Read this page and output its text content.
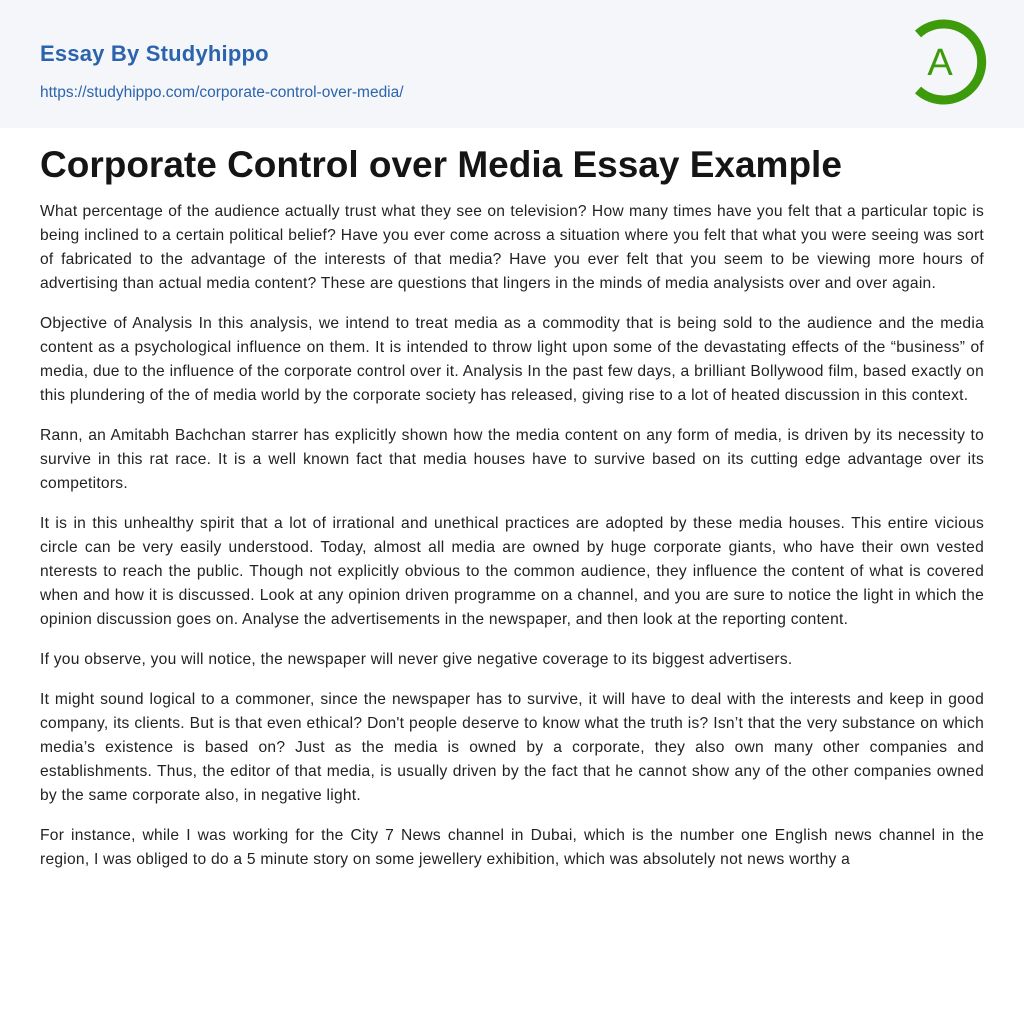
Essay By Studyhippo
https://studyhippo.com/corporate-control-over-media/
A
Corporate Control over Media Essay Example

What percentage of the audience actually trust what they see on television? How many times have you felt that a particular topic is being inclined to a certain political belief? Have you ever come across a situation where you felt that what you were seeing was sort of fabricated to the advantage of the interests of that media? Have you ever felt that you seem to be viewing more hours of advertising than actual media content? These are questions that lingers in the minds of media analysists over and over again.

Objective of Analysis In this analysis, we intend to treat media as a commodity that is being sold to the audience and the media content as a psychological influence on them. It is intended to throw light upon some of the devastating effects of the “business” of media, due to the influence of the corporate control over it. Analysis In the past few days, a brilliant Bollywood film, based exactly on this plundering of the of media world by the corporate society has released, giving rise to a lot of heated discussion in this context.

Rann, an Amitabh Bachchan starrer has explicitly shown how the media content on any form of media, is driven by its necessity to survive in this rat race. It is a well known fact that media houses have to survive based on its cutting edge advantage over its competitors.

It is in this unhealthy spirit that a lot of irrational and unethical practices are adopted by these media houses. This entire vicious circle can be very easily understood. Today, almost all media are owned by huge corporate giants, who have their own vested nterests to reach the public. Though not explicitly obvious to the common audience, they influence the content of what is covered when and how it is discussed. Look at any opinion driven programme on a channel, and you are sure to notice the light in which the opinion discussion goes on. Analyse the advertisements in the newspaper, and then look at the reporting content.

If you observe, you will notice, the newspaper will never give negative coverage to its biggest advertisers.

It might sound logical to a commoner, since the newspaper has to survive, it will have to deal with the interests and keep in good company, its clients. But is that even ethical? Don't people deserve to know what the truth is? Isn’t that the very substance on which media’s existence is based on? Just as the media is owned by a corporate, they also own many other companies and establishments. Thus, the editor of that media, is usually driven by the fact that he cannot show any of the other companies owned by the same corporate also, in negative light.

For instance, while I was working for the City 7 News channel in Dubai, which is the number one English news channel in the region, I was obliged to do a 5 minute story on some jewellery exhibition, which was absolutely not news worthy a
